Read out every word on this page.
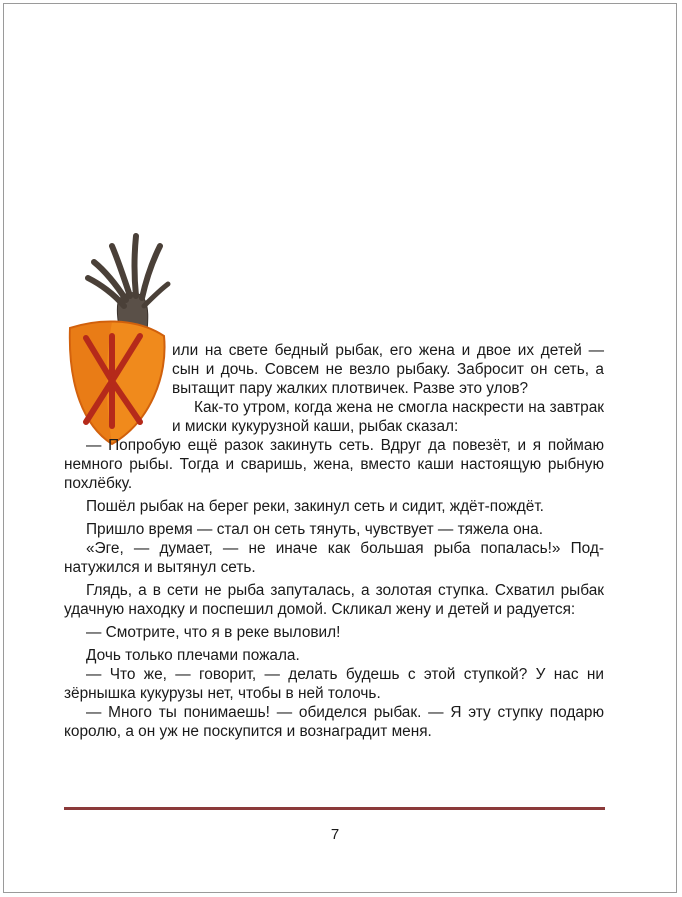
или на свете бедный рыбак, его жена и двое их детей — сын и дочь. Совсем не везло рыбаку. Забросит он сеть, а вытащит пару жалких плотвичек. Разве это улов?

Как-то утром, когда жена не смогла наскрести на завтрак и миски кукурузной каши, рыбак сказал:

— Попробую ещё разок закинуть сеть. Вдруг да повезёт, и я поймаю немного рыбы. Тогда и сваришь, жена, вместо каши настоящую рыбную похлёбку.

Пошёл рыбак на берег реки, закинул сеть и сидит, ждёт-пождёт.

Пришло время — стал он сеть тянуть, чувствует — тяжела она.

«Эге, — думает, — не иначе как большая рыба попалась!» Поднатужился и вытянул сеть.

Глядь, а в сети не рыба запуталась, а золотая ступка. Схватил рыбак удачную находку и поспешил домой. Скликал жену и детей и радуется:

— Смотрите, что я в реке выловил!

Дочь только плечами пожала.

— Что же, — говорит, — делать будешь с этой ступкой? У нас ни зёрнышка кукурузы нет, чтобы в ней толочь.

— Много ты понимаешь! — обиделся рыбак. — Я эту ступку подарю королю, а он уж не поскупится и вознаградит меня.

7
